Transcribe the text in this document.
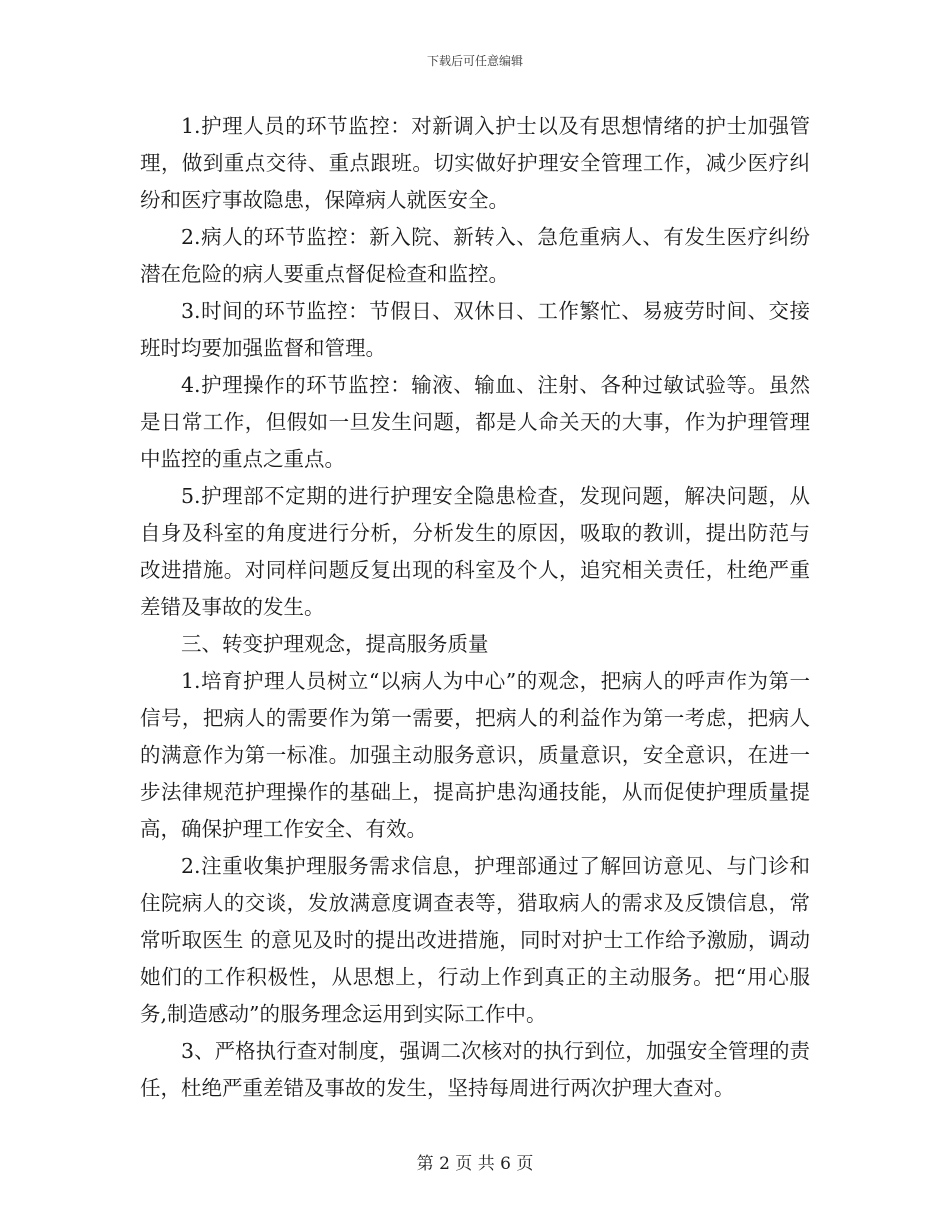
下载后可任意编辑

1.护理人员的环节监控：对新调入护士以及有思想情绪的护士加强管理，做到重点交待、重点跟班。切实做好护理安全管理工作，减少医疗纠纷和医疗事故隐患，保障病人就医安全。

2.病人的环节监控：新入院、新转入、急危重病人、有发生医疗纠纷潜在危险的病人要重点督促检查和监控。

3.时间的环节监控：节假日、双休日、工作繁忙、易疲劳时间、交接班时均要加强监督和管理。

4.护理操作的环节监控：输液、输血、注射、各种过敏试验等。虽然是日常工作，但假如一旦发生问题，都是人命关天的大事，作为护理管理中监控的重点之重点。

5.护理部不定期的进行护理安全隐患检查，发现问题，解决问题，从自身及科室的角度进行分析，分析发生的原因，吸取的教训，提出防范与改进措施。对同样问题反复出现的科室及个人，追究相关责任，杜绝严重差错及事故的发生。

三、转变护理观念，提高服务质量

1.培育护理人员树立“以病人为中心”的观念，把病人的呼声作为第一信号，把病人的需要作为第一需要，把病人的利益作为第一考虑，把病人的满意作为第一标准。加强主动服务意识，质量意识，安全意识，在进一步法律规范护理操作的基础上，提高护患沟通技能，从而促使护理质量提高，确保护理工作安全、有效。

2.注重收集护理服务需求信息，护理部通过了解回访意见、与门诊和住院病人的交谈，发放满意度调查表等，猎取病人的需求及反馈信息，常常听取医生 的意见及时的提出改进措施，同时对护士工作给予激励，调动她们的工作积极性，从思想上，行动上作到真正的主动服务。把“用心服务,制造感动”的服务理念运用到实际工作中。

3、严格执行查对制度，强调二次核对的执行到位，加强安全管理的责任，杜绝严重差错及事故的发生，坚持每周进行两次护理大查对。

第 2 页 共 6 页
